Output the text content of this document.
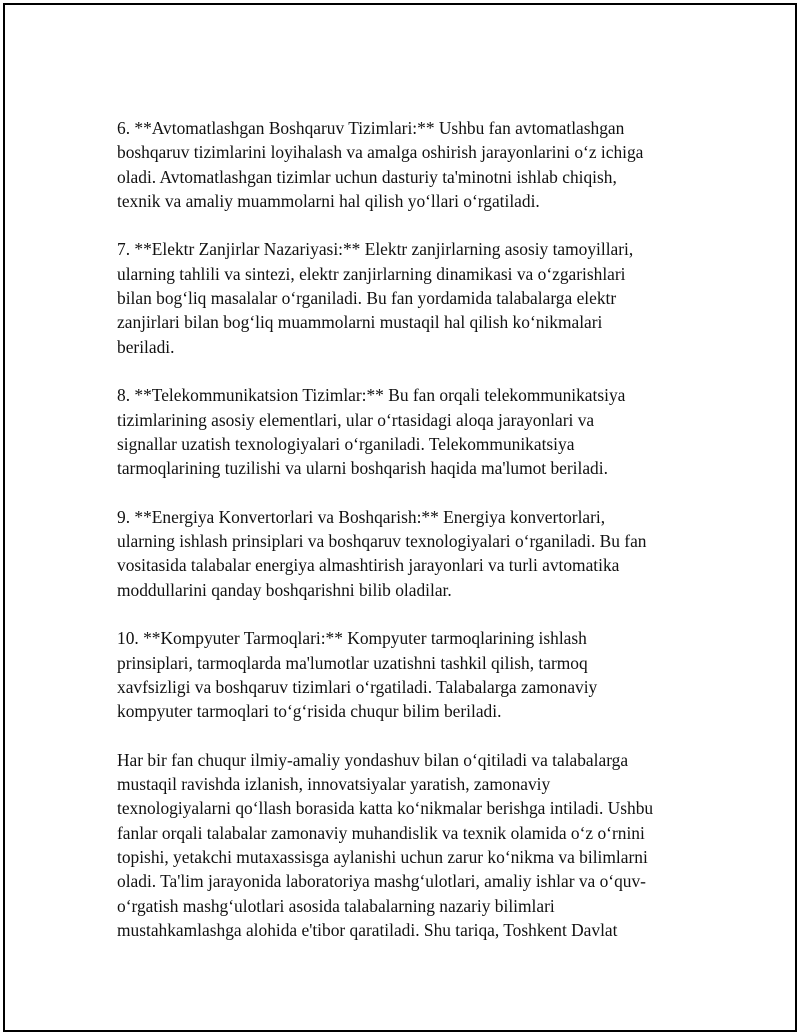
6. **Avtomatlashgan Boshqaruv Tizimlari:** Ushbu fan avtomatlashgan
boshqaruv tizimlarini loyihalash va amalga oshirish jarayonlarini o‘z ichiga
oladi. Avtomatlashgan tizimlar uchun dasturiy ta'minotni ishlab chiqish,
texnik va amaliy muammolarni hal qilish yo‘llari o‘rgatiladi.

7. **Elektr Zanjirlar Nazariyasi:** Elektr zanjirlarning asosiy tamoyillari,
ularning tahlili va sintezi, elektr zanjirlarning dinamikasi va o‘zgarishlari
bilan bog‘liq masalalar o‘rganiladi. Bu fan yordamida talabalarga elektr
zanjirlari bilan bog‘liq muammolarni mustaqil hal qilish ko‘nikmalari
beriladi.

8. **Telekommunikatsion Tizimlar:** Bu fan orqali telekommunikatsiya
tizimlarining asosiy elementlari, ular o‘rtasidagi aloqa jarayonlari va
signallar uzatish texnologiyalari o‘rganiladi. Telekommunikatsiya
tarmoqlarining tuzilishi va ularni boshqarish haqida ma'lumot beriladi.

9. **Energiya Konvertorlari va Boshqarish:** Energiya konvertorlari,
ularning ishlash prinsiplari va boshqaruv texnologiyalari o‘rganiladi. Bu fan
vositasida talabalar energiya almashtirish jarayonlari va turli avtomatika
moddullarini qanday boshqarishni bilib oladilar.

10. **Kompyuter Tarmoqlari:** Kompyuter tarmoqlarining ishlash
prinsiplari, tarmoqlarda ma'lumotlar uzatishni tashkil qilish, tarmoq
xavfsizligi va boshqaruv tizimlari o‘rgatiladi. Talabalarga zamonaviy
kompyuter tarmoqlari to‘g‘risida chuqur bilim beriladi.

Har bir fan chuqur ilmiy-amaliy yondashuv bilan o‘qitiladi va talabalarga
mustaqil ravishda izlanish, innovatsiyalar yaratish, zamonaviy
texnologiyalarni qo‘llash borasida katta ko‘nikmalar berishga intiladi. Ushbu
fanlar orqali talabalar zamonaviy muhandislik va texnik olamida o‘z o‘rnini
topishi, yetakchi mutaxassisga aylanishi uchun zarur ko‘nikma va bilimlarni
oladi. Ta'lim jarayonida laboratoriya mashg‘ulotlari, amaliy ishlar va o‘quv-
o‘rgatish mashg‘ulotlari asosida talabalarning nazariy bilimlari
mustahkamlashga alohida e'tibor qaratiladi. Shu tariqa, Toshkent Davlat
